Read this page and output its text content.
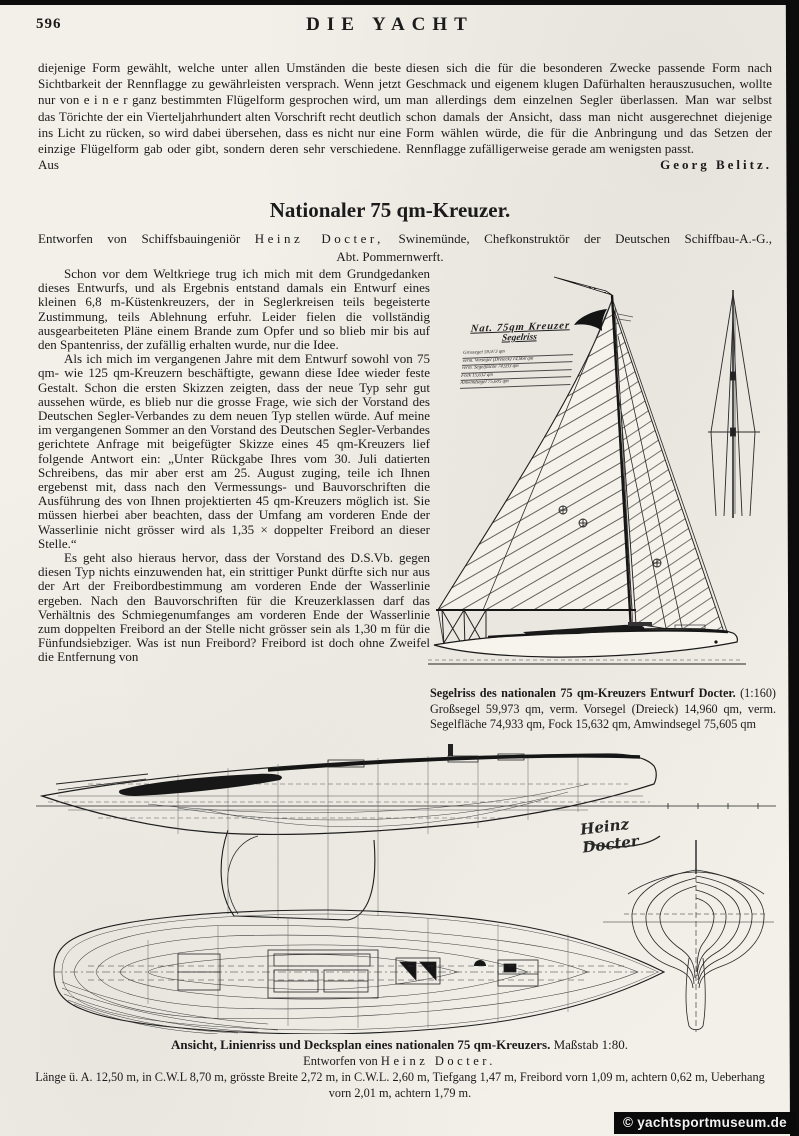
596	DIE YACHT
diejenige Form gewählt, welche unter allen Umständen die beste Sichtbarkeit der Rennflagge zu gewährleisten versprach. Wenn jetzt nur von e i n e r ganz bestimmten Flügelform gesprochen wird, um das Törichte der ein Vierteljahrhundert alten Vorschrift recht deutlich ins Licht zu rücken, so wird dabei übersehen, dass es nicht nur eine einzige Flügelform gab oder gibt, sondern deren sehr verschiedene. Aus
diesen sich die für die besonderen Zwecke passende Form nach Geschmack und eigenem klugen Dafürhalten herauszusuchen, wollte man allerdings dem einzelnen Segler überlassen. Man war selbst schon damals der Ansicht, dass man nicht ausgerechnet diejenige Form wählen würde, die für die Anbringung und das Setzen der Rennflagge zufälligerweise gerade am wenigsten passt.
Georg Belitz.
Nationaler 75 qm-Kreuzer.
Entworfen von Schiffsbauingeniör Heinz Docter, Swinemünde, Chefkonstruktör der Deutschen Schiffbau-A.-G.,
Abt. Pommernwerft.

Schon vor dem Weltkriege trug ich mich mit dem Grundgedanken dieses Entwurfs, und als Ergebnis entstand damals ein Entwurf eines kleinen 6,8 m-Küstenkreuzers, der in Seglerkreisen teils begeisterte Zustimmung, teils Ablehnung erfuhr. Leider fielen die vollständig ausgearbeiteten Pläne einem Brande zum Opfer und so blieb mir bis auf den Spantenriss, der zufällig erhalten wurde, nur die Idee.

Als ich mich im vergangenen Jahre mit dem Entwurf sowohl von 75 qm- wie 125 qm-Kreuzern beschäftigte, gewann diese Idee wieder feste Gestalt. Schon die ersten Skizzen zeigten, dass der neue Typ sehr gut aussehen würde, es blieb nur die grosse Frage, wie sich der Vorstand des Deutschen Segler-Verbandes zu dem neuen Typ stellen würde. Auf meine im vergangenen Sommer an den Vorstand des Deutschen Segler-Verbandes gerichtete Anfrage mit beigefügter Skizze eines 45 qm-Kreuzers lief folgende Antwort ein: „Unter Rückgabe Ihres vom 30. Juli datierten Schreibens, das mir aber erst am 25. August zuging, teile ich Ihnen ergebenst mit, dass nach den Vermessungs- und Bauvorschriften die Ausführung des von Ihnen projektierten 45 qm-Kreuzers möglich ist. Sie müssen hierbei aber beachten, dass der Umfang am vorderen Ende der Wasserlinie nicht grösser wird als 1,35 × doppelter Freibord an dieser Stelle.“

Es geht also hieraus hervor, dass der Vorstand des D.S.Vb. gegen diesen Typ nichts einzuwenden hat, ein strittiger Punkt dürfte sich nur aus der Art der Freibordbestimmung am vorderen Ende der Wasserlinie ergeben. Nach den Bauvorschriften für die Kreuzerklassen darf das Verhältnis des Schmiegenumfanges am vorderen Ende der Wasserlinie zum doppelten Freibord an der Stelle nicht grösser sein als 1,30 m für die Fünfundsiebziger. Was ist nun Freibord? Freibord ist doch ohne Zweifel die Entfernung von

Nat. 75qm Kreuzer
Segelriss
Grossegel 59,973 qm
verm. Vorsegel (Dreieck) 14,960 qm
verm. Segelfläche 74,933 qm
Fock 15,632 qm
Amwindsegel 75,605 qm
Segelriss des nationalen 75 qm-Kreuzers Entwurf Docter. (1:160) Großsegel 59,973 qm, verm. Vorsegel (Dreieck) 14,960 qm, verm. Segelfläche 74,933 qm, Fock 15,632 qm, Amwindsegel 75,605 qm
Heinz Docter
Ansicht, Linienriss und Decksplan eines nationalen 75 qm-Kreuzers. Maßstab 1:80.
Entworfen von Heinz Docter.
Länge ü. A. 12,50 m, in C.W.L 8,70 m, grösste Breite 2,72 m, in C.W.L. 2,60 m, Tiefgang 1,47 m, Freibord vorn 1,09 m, achtern 0,62 m, Ueberhang vorn 2,01 m, achtern 1,79 m.
© yachtsportmuseum.de
